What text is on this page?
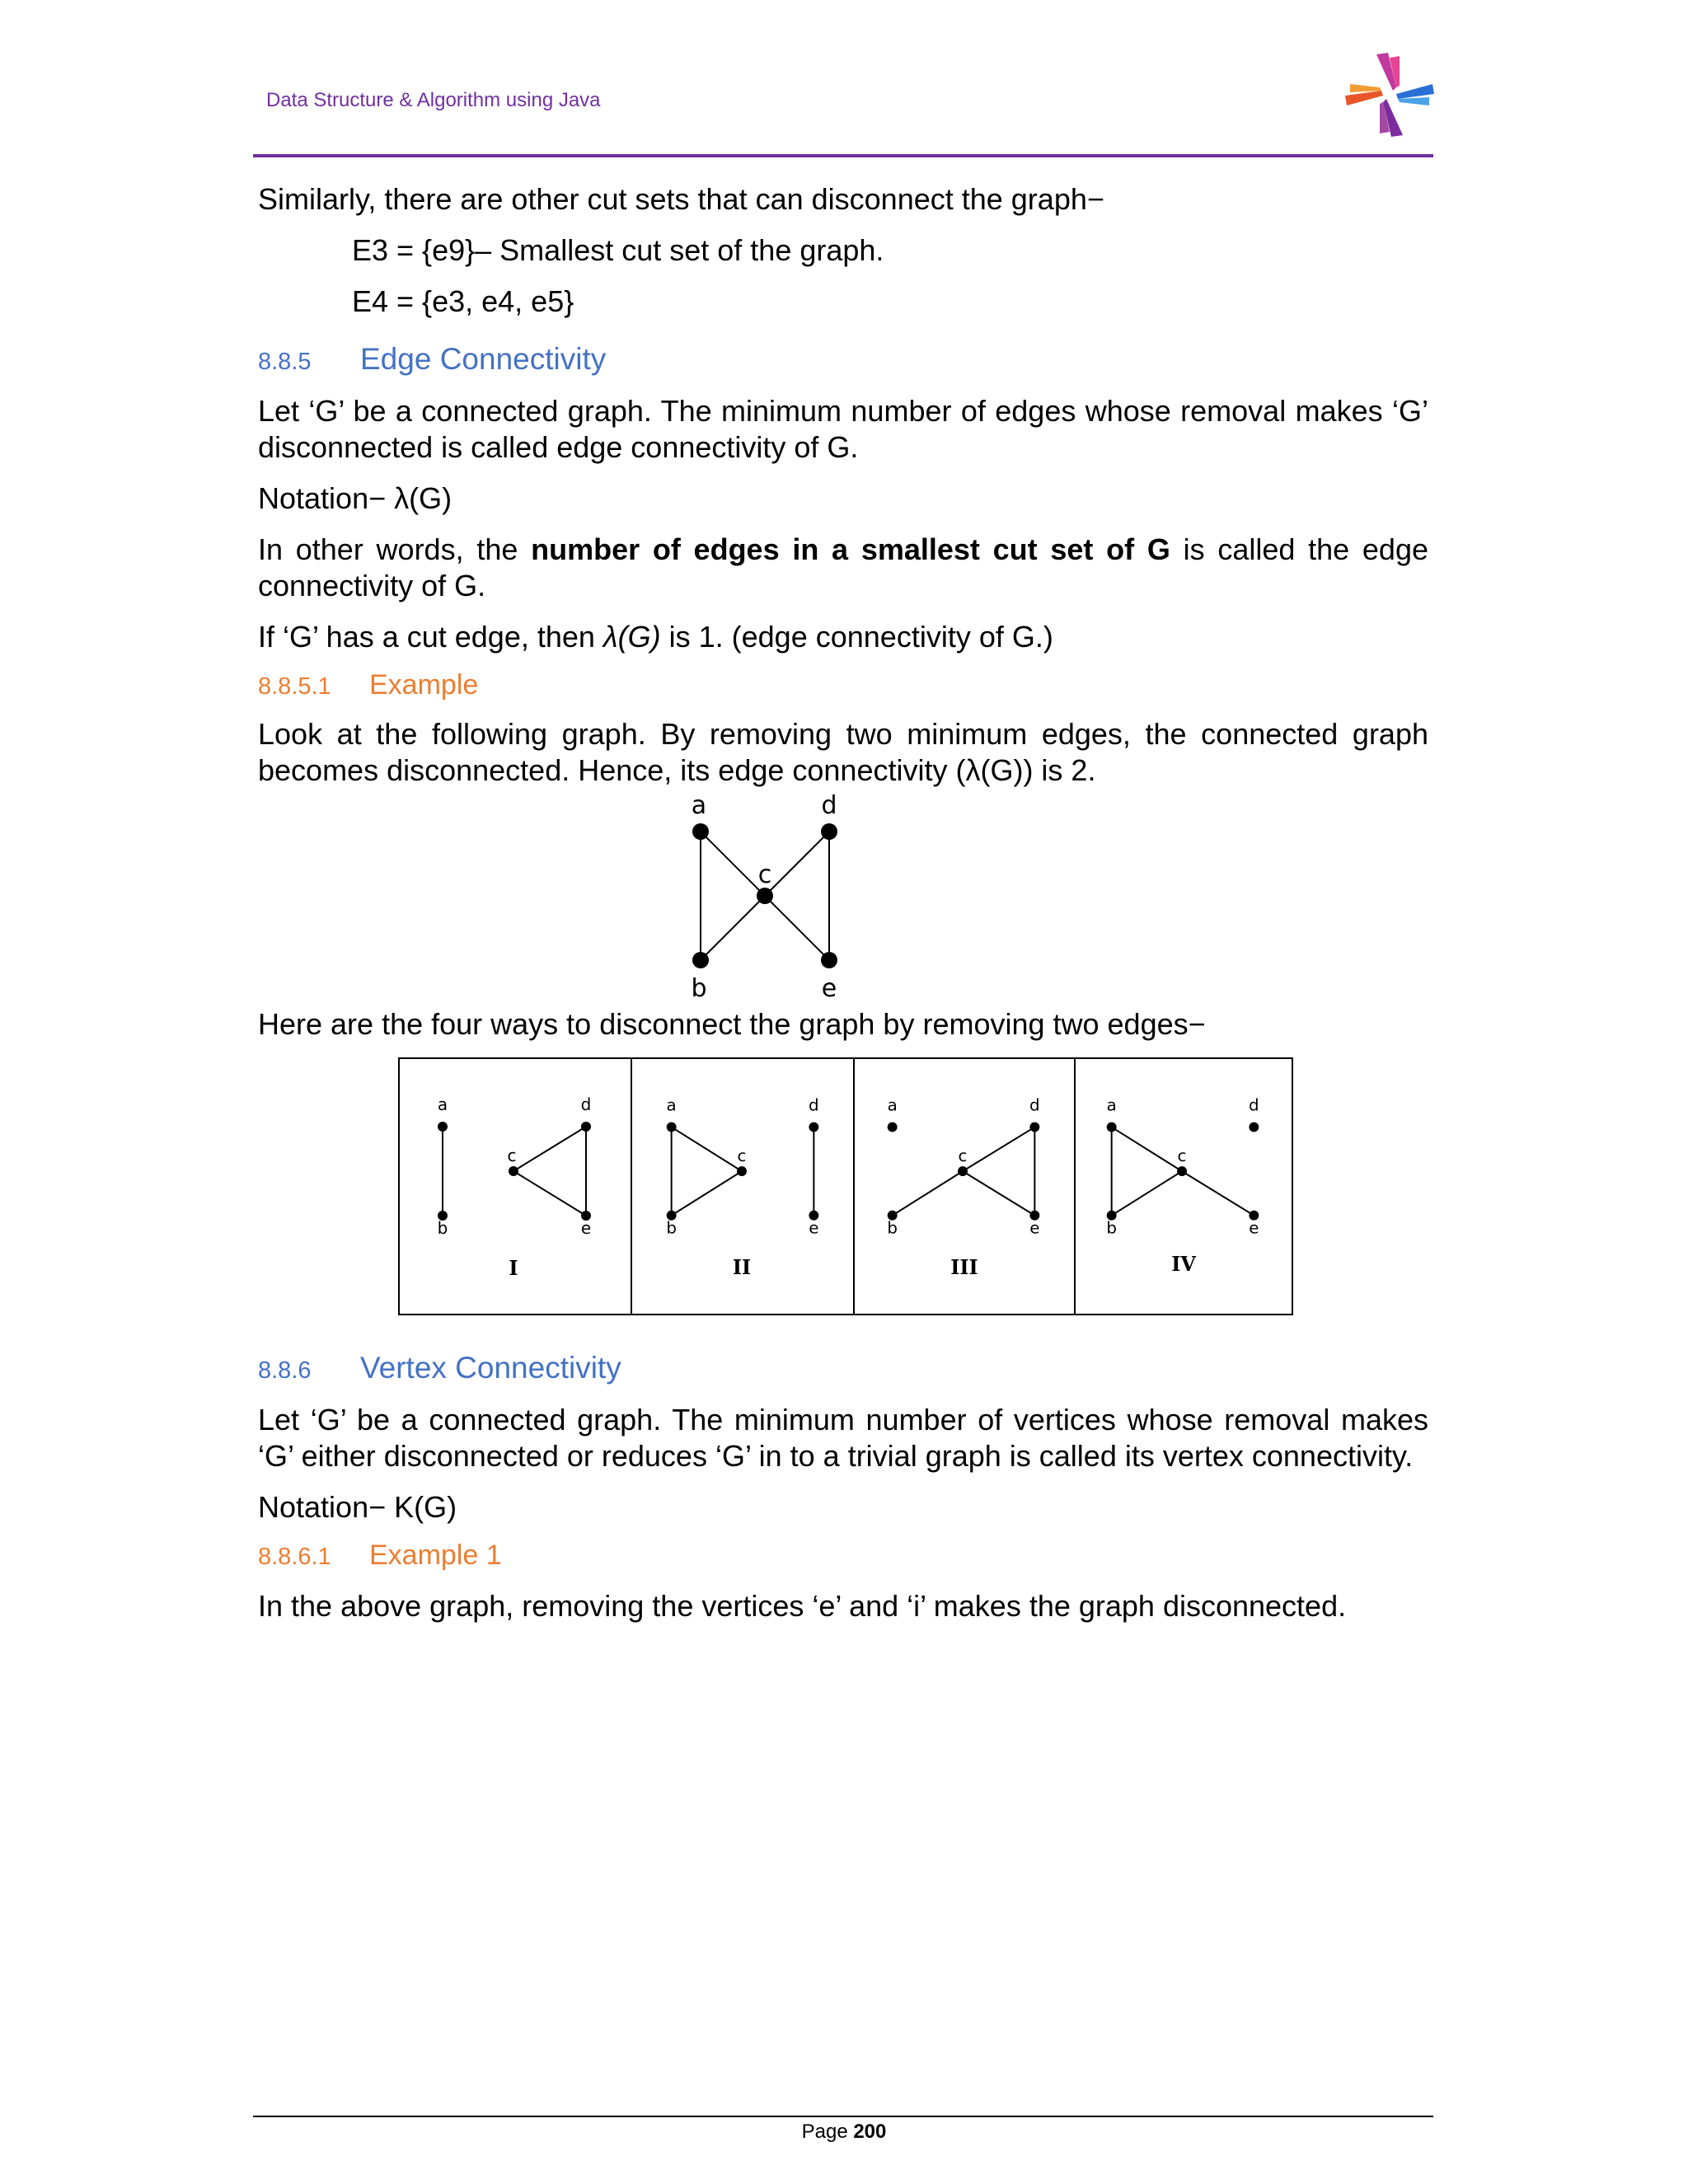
Data Structure & Algorithm using Java

Similarly, there are other cut sets that can disconnect the graph−

E3 = {e9}– Smallest cut set of the graph.

E4 = {e3, e4, e5}

8.8.5	Edge Connectivity

Let ‘G’ be a connected graph. The minimum number of edges whose removal makes ‘G’ disconnected is called edge connectivity of G.

Notation− λ(G)

In other words, the number of edges in a smallest cut set of G is called the edge connectivity of G.

If ‘G’ has a cut edge, then λ(G) is 1. (edge connectivity of G.)

8.8.5.1	Example

Look at the following graph. By removing two minimum edges, the connected graph becomes disconnected. Hence, its edge connectivity (λ(G)) is 2.

a
b
c
d
e

Here are the four ways to disconnect the graph by removing two edges−

a
b
c
d
e
I
a
b
c
d
e
II
a
b
c
d
e
III
a
b
c
d
e
IV
8.8.6	Vertex Connectivity

Let ‘G’ be a connected graph. The minimum number of vertices whose removal makes ‘G’ either disconnected or reduces ‘G’ in to a trivial graph is called its vertex connectivity.

Notation− K(G)

8.8.6.1	Example 1

In the above graph, removing the vertices ‘e’ and ‘i’ makes the graph disconnected.

Page 200
